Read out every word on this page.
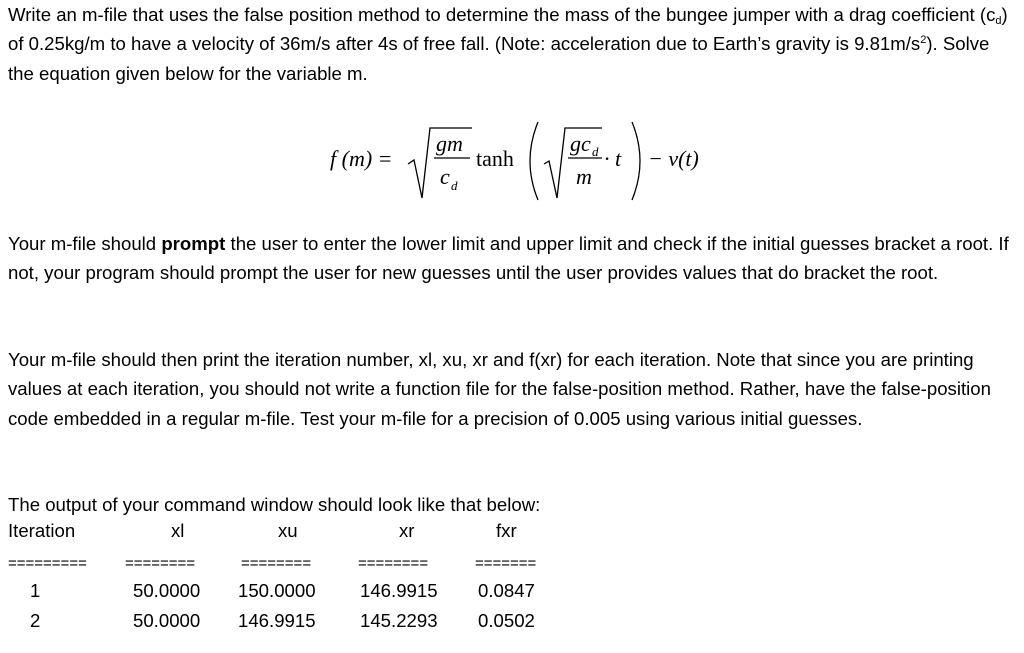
Write an m-file that uses the false position method to determine the mass of the bungee jumper with a drag coefficient $(c_d)$ of 0.25kg/m to have a velocity of 36m/s after 4s of free fall. (Note: acceleration due to Earth’s gravity is $9.81m/s^2$). Solve the equation given below for the variable m.

f (m) =
gm
c d
tanh
gc d
m
· t − v(t)

Your m-file should prompt the user to enter the lower limit and upper limit and check if the initial guesses bracket a root. If not, your program should prompt the user for new guesses until the user provides values that do bracket the root.

Your m-file should then print the iteration number, xl, xu, xr and f(xr) for each iteration. Note that since you are printing values at each iteration, you should not write a function file for the false-position method. Rather, have the false-position code embedded in a regular m-file. Test your m-file for a precision of 0.005 using various initial guesses.

The output of your command window should look like that below:

Iteration	xl	xu	xr	fxr
=========	========	========	========	=======
1	50.0000 150.0000 146.9915 0.0847
2	50.0000 146.9915 145.2293 0.0502
